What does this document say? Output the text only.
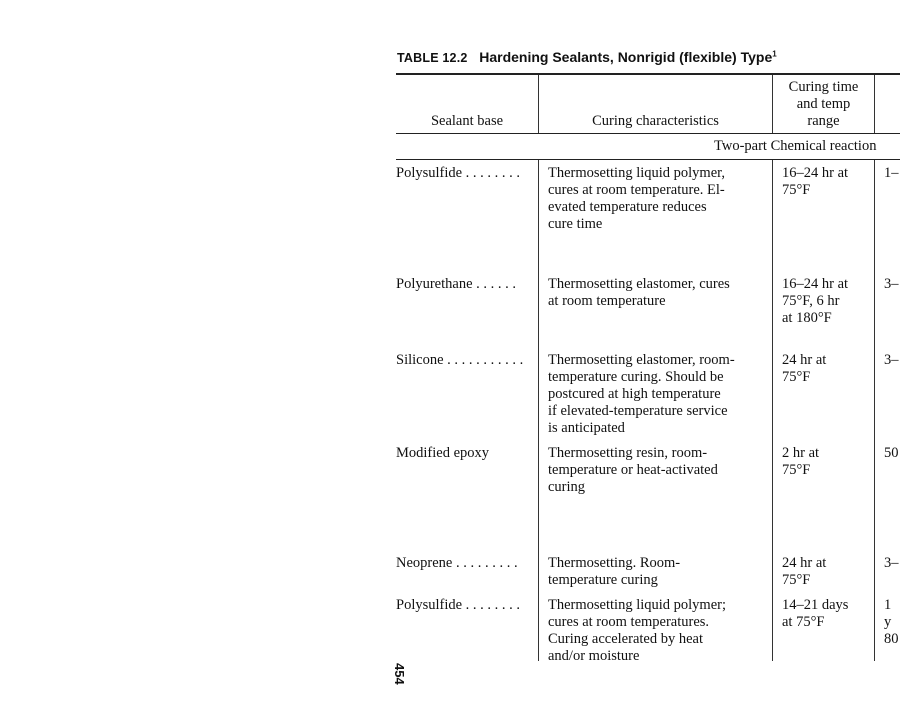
TABLE 12.2 Hardening Sealants, Nonrigid (flexible) Type$^1$
Sealant base	Curing characteristics
Curing time
and temp
range
Two-part Chemical reaction
Polysulfide . . . . . . . . Thermosetting liquid polymer,
cures at room temperature. El-
evated temperature reduces
cure time
16–24 hr at
75°F
1–
Polyurethane . . . . . . Thermosetting elastomer, cures
at room temperature
16–24 hr at
75°F, 6 hr
at 180°F
3–
Silicone . . . . . . . . . . . Thermosetting elastomer, room-
temperature curing. Should be
postcured at high temperature
if elevated-temperature service
is anticipated
24 hr at
75°F
3–
Modified epoxy	Thermosetting resin, room-
temperature or heat-activated
curing
2 hr at
75°F
50
Neoprene . . . . . . . . . Thermosetting. Room-
temperature curing
24 hr at
75°F
3–
Polysulfide . . . . . . . . Thermosetting liquid polymer;
cures at room temperatures.
Curing accelerated by heat
and/or moisture
14–21 days
at 75°F
1 y
80
454
